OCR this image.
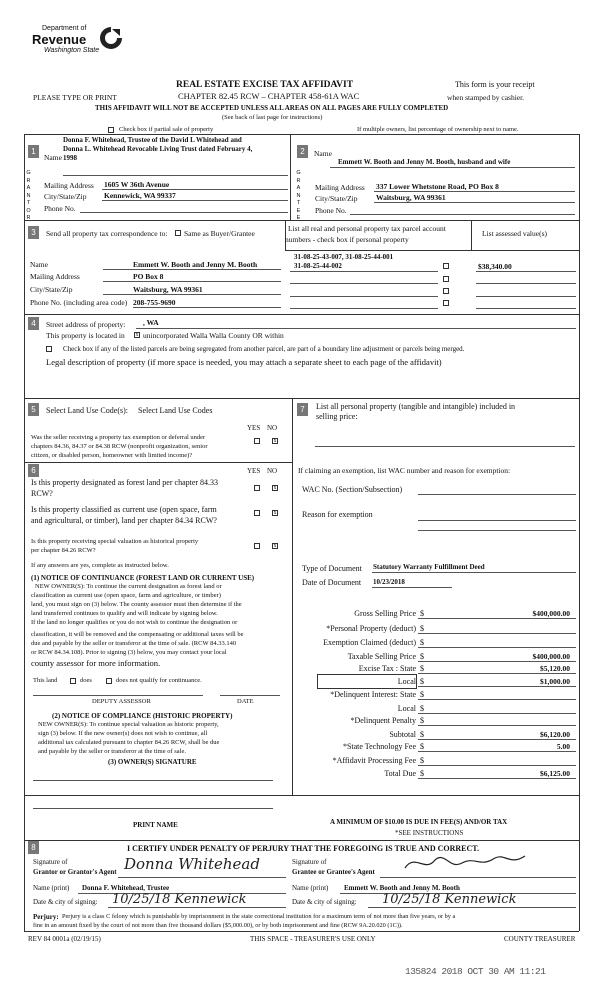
Department of
Revenue
Washington State
PLEASE TYPE OR PRINT
REAL ESTATE EXCISE TAX AFFIDAVIT
CHAPTER 82.45 RCW – CHAPTER 458-61A WAC
This form is your receipt
when stamped by cashier.
THIS AFFIDAVIT WILL NOT BE ACCEPTED UNLESS ALL AREAS ON ALL PAGES ARE FULLY COMPLETED
(See back of last page for instructions)
Check box if partial sale of property	If multiple owners, list percentage of ownership next to name.
1
G
R
A
N
T
O
R
Name
Donna F. Whitehead, Trustee of the David L Whitehead and
Donna L. Whitehead Revocable Living Trust dated February 4,
1998
Mailing Address 1605 W 36th Avenue
City/State/Zip Kennewick, WA 99337
Phone No.
2
G
R
A
N
T
E
E
Name
Emmett W. Booth and Jenny M. Booth, husband and wife
Mailing Address 337 Lower Whetstone Road, PO Box 8
City/State/Zip Waitsburg, WA 99361
Phone No.
3	Send all property tax correspondence to: Same as Buyer/Grantee
List all real and personal property tax parcel account
numbers - check box if personal property
List assessed value(s)
Name	Emmett W. Booth and Jenny M. Booth
Mailing Address	PO Box 8
City/State/Zip	Waitsburg, WA 99361
Phone No. (including area code) 208-755-9690
31-08-25-43-007, 31-08-25-44-001
31-08-25-44-002	$38,340.00
4	Street address of property: , WA
This property is located in x unincorporated Walla Walla County OR within
Check box if any of the listed parcels are being segregated from another parcel, are part of a boundary line adjustment or parcels being merged.
Legal description of property (if more space is needed, you may attach a separate sheet to each page of the affidavit)
5	Select Land Use Code(s): Select Land Use Codes	7	List all personal property (tangible and intangible) included in
selling price:
YES NO
Was the seller receiving a property tax exemption or deferral under
chapters 84.36, 84.37 or 84.38 RCW (nonprofit organization, senior
citizen, or disabled person, homeowner with limited income)?
x
6	YES NO
Is this property designated as forest land per chapter 84.33
RCW?
x
Is this property classified as current use (open space, farm
and agricultural, or timber), land per chapter 84.34 RCW?
x
Is this property receiving special valuation as historical property
per chapter 84.26 RCW?
x
If any answers are yes, complete as instructed below.
(1) NOTICE OF CONTINUANCE (FOREST LAND OR CURRENT USE)
NEW OWNER(S): To continue the current designation as forest land or
classification as current use (open space, farm and agriculture, or timber)
land, you must sign on (3) below. The county assessor must then determine if the
land transferred continues to qualify and will indicate by signing below.
If the land no longer qualifies or you do not wish to continue the designation or
classification, it will be removed and the compensating or additional taxes will be
due and payable by the seller or transferor at the time of sale. (RCW 84.33.140
or RCW 84.34.108). Prior to signing (3) below, you may contact your local
county assessor for more information.
This land	does	does not qualify for continuance.
DEPUTY ASSESSOR	DATE
(2) NOTICE OF COMPLIANCE (HISTORIC PROPERTY)
NEW OWNER(S): To continue special valuation as historic property,
sign (3) below. If the new owner(s) does not wish to continue, all
additional tax calculated pursuant to chapter 84.26 RCW, shall be due
and payable by the seller or transferor at the time of sale.
(3) OWNER(S) SIGNATURE
PRINT NAME
If claiming an exemption, list WAC number and reason for exemption:
WAC No. (Section/Subsection)
Reason for exemption
Type of Document Statutory Warranty Fulfillment Deed
Date of Document 10/23/2018
Gross Selling Price $	$400,000.00
*Personal Property (deduct) $
Exemption Claimed (deduct) $
Taxable Selling Price $	$400,000.00
Excise Tax : State $	$5,120.00
Local $	$1,000.00
*Delinquent Interest: State $
Local $
*Delinquent Penalty $
Subtotal $	$6,120.00
*State Technology Fee $	5.00
*Affidavit Processing Fee $
Total Due $	$6,125.00
A MINIMUM OF $10.00 IS DUE IN FEE(S) AND/OR TAX
*SEE INSTRUCTIONS
8	I CERTIFY UNDER PENALTY OF PERJURY THAT THE FOREGOING IS TRUE AND CORRECT.
Signature of
Grantor or Grantor's Agent Donna Whitehead	Signature of
Grantee or Grantee's Agent
Name (print) Donna F. Whitehead, Trustee	Name (print) Emmett W. Booth and Jenny M. Booth
Date & city of signing: 10/25/18 Kennewick	Date & city of signing: 10/25/18 Kennewick
Perjury: Perjury is a class C felony which is punishable by imprisonment in the state correctional institution for a maximum term of not more than five years, or by a
fine in an amount fixed by the court of not more than five thousand dollars ($5,000.00), or by both imprisonment and fine (RCW 9A.20.020 (1C)).
REV 84 0001a (02/19/15)	THIS SPACE - TREASURER'S USE ONLY	COUNTY TREASURER
135824 2018 OCT 30 AM 11:21
